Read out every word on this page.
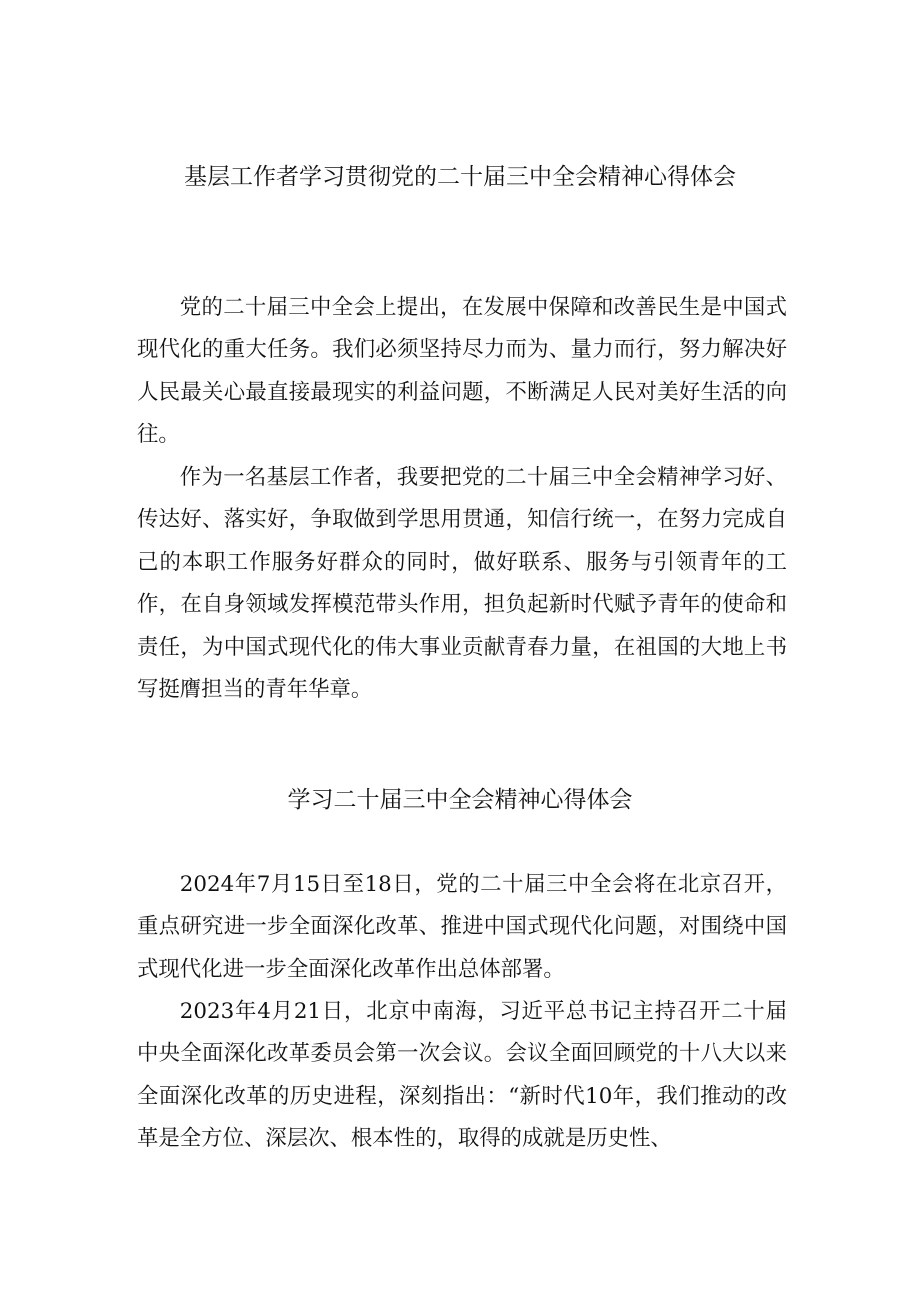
基层工作者学习贯彻党的二十届三中全会精神心得体会

党的二十届三中全会上提出，在发展中保障和改善民生是中国式现代化的重大任务。我们必须坚持尽力而为、量力而行，努力解决好人民最关心最直接最现实的利益问题，不断满足人民对美好生活的向往。

作为一名基层工作者，我要把党的二十届三中全会精神学习好、传达好、落实好，争取做到学思用贯通，知信行统一，在努力完成自己的本职工作服务好群众的同时，做好联系、服务与引领青年的工作，在自身领域发挥模范带头作用，担负起新时代赋予青年的使命和责任，为中国式现代化的伟大事业贡献青春力量，在祖国的大地上书写挺膺担当的青年华章。

学习二十届三中全会精神心得体会

2024年7月15日至18日，党的二十届三中全会将在北京召开，重点研究进一步全面深化改革、推进中国式现代化问题，对围绕中国式现代化进一步全面深化改革作出总体部署。

2023年4月21日，北京中南海，习近平总书记主持召开二十届中央全面深化改革委员会第一次会议。会议全面回顾党的十八大以来全面深化改革的历史进程，深刻指出：“新时代10年，我们推动的改革是全方位、深层次、根本性的，取得的成就是历史性、
